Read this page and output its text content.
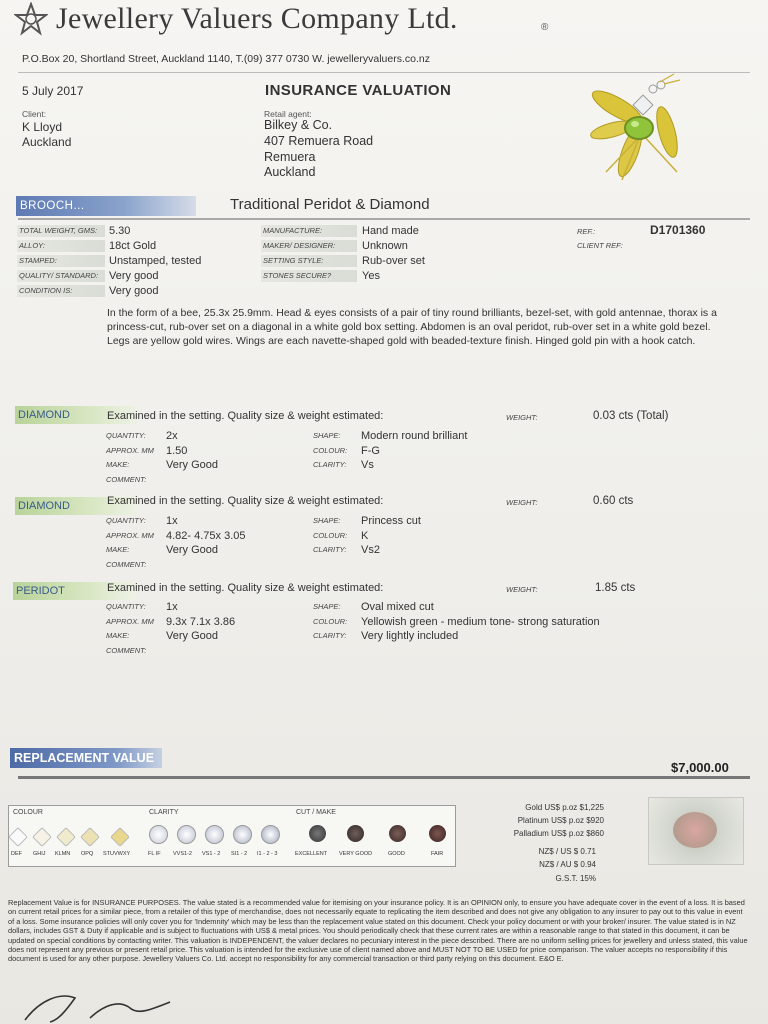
Jewellery Valuers Company Ltd.	®
P.O.Box 20, Shortland Street, Auckland 1140, T.(09) 377 0730 W. jewelleryvaluers.co.nz
5 July 2017	INSURANCE VALUATION
Client:
K Lloyd
Auckland
Retail agent:
Bilkey & Co.
407 Remuera Road
Remuera
Auckland
BROOCH...	Traditional Peridot & Diamond
TOTAL WEIGHT, GMS:	5.30
ALLOY:	18ct Gold
STAMPED:	Unstamped, tested
QUALITY/ STANDARD: Very good
CONDITION IS:	Very good
MANUFACTURE:	Hand made
MAKER/ DESIGNER:	Unknown
SETTING STYLE:	Rub-over set
STONES SECURE?	Yes
REF.:	D1701360
CLIENT REF:
In the form of a bee, 25.3x 25.9mm. Head & eyes consists of a pair of tiny round brilliants, bezel-set, with gold antennae, thorax is a princess-cut, rub-over set on a diagonal in a white gold box setting. Abdomen is an oval peridot, rub-over set in a white gold bezel. Legs are yellow gold wires. Wings are each navette-shaped gold with beaded-texture finish. Hinged gold pin with a hook catch.
DIAMOND	Examined in the setting. Quality size & weight estimated:	WEIGHT:	0.03 cts (Total)
QUANTITY:	2x
APPROX. MM	1.50
MAKE:	Very Good
COMMENT:
SHAPE:	Modern round brilliant
COLOUR:	F-G
CLARITY:	Vs
DIAMOND	Examined in the setting. Quality size & weight estimated:	WEIGHT:	0.60 cts
QUANTITY:	1x
APPROX. MM	4.82- 4.75x 3.05
MAKE:	Very Good
COMMENT:
SHAPE:	Princess cut
COLOUR:	K
CLARITY:	Vs2
PERIDOT	Examined in the setting. Quality size & weight estimated:	WEIGHT:	1.85 cts
QUANTITY:	1x
APPROX. MM	9.3x 7.1x 3.86
MAKE:	Very Good
COMMENT:
SHAPE:	Oval mixed cut
COLOUR:	Yellowish green - medium tone- strong saturation
CLARITY:	Very lightly included
REPLACEMENT VALUE
$7,000.00
COLOUR	CLARITY	CUT / MAKE
DEF GHIJ KLMN OPQ STUVWXY	FL IF VVS1-2 VS1 - 2 SI1 - 2 I1 - 2 - 3	EXCELLENT VERY GOOD	GOOD	FAIR
Gold US$ p.oz $1,225
Platinum US$ p.oz $920
Palladium US$ p.oz $860
NZ$ / US $ 0.71
NZ$ / AU $ 0.94
G.S.T. 15%
Replacement Value is for INSURANCE PURPOSES. The value stated is a recommended value for itemising on your insurance policy. It is an OPINION only, to ensure you have adequate cover in the event of a loss. It is based on current retail prices for a similar piece, from a retailer of this type of merchandise, does not necessarily equate to replicating the item described and does not give any obligation to any insurer to pay out to this value in event of a loss. Some insurance policies will only cover you for 'Indemnity' which may be less than the replacement value stated on this document. Check your policy document or with your broker/ insurer. The value stated is in NZ dollars, includes GST & Duty if applicable and is subject to fluctuations with US$ & metal prices. You should periodically check that these current rates are within a reasonable range to that stated in this document, it can be updated on special conditions by contacting writer. This valuation is INDEPENDENT, the valuer declares no pecuniary interest in the piece described. There are no uniform selling prices for jewellery and unless stated, this value does not represent any previous or present retail price. This valuation is intended for the exclusive use of client named above and MUST NOT TO BE USED for price comparison. The valuer accepts no responsibility if this document is used for any other purpose. Jewellery Valuers Co. Ltd. accept no responsibility for any commercial transaction or third party relying on this document. E&O E.
